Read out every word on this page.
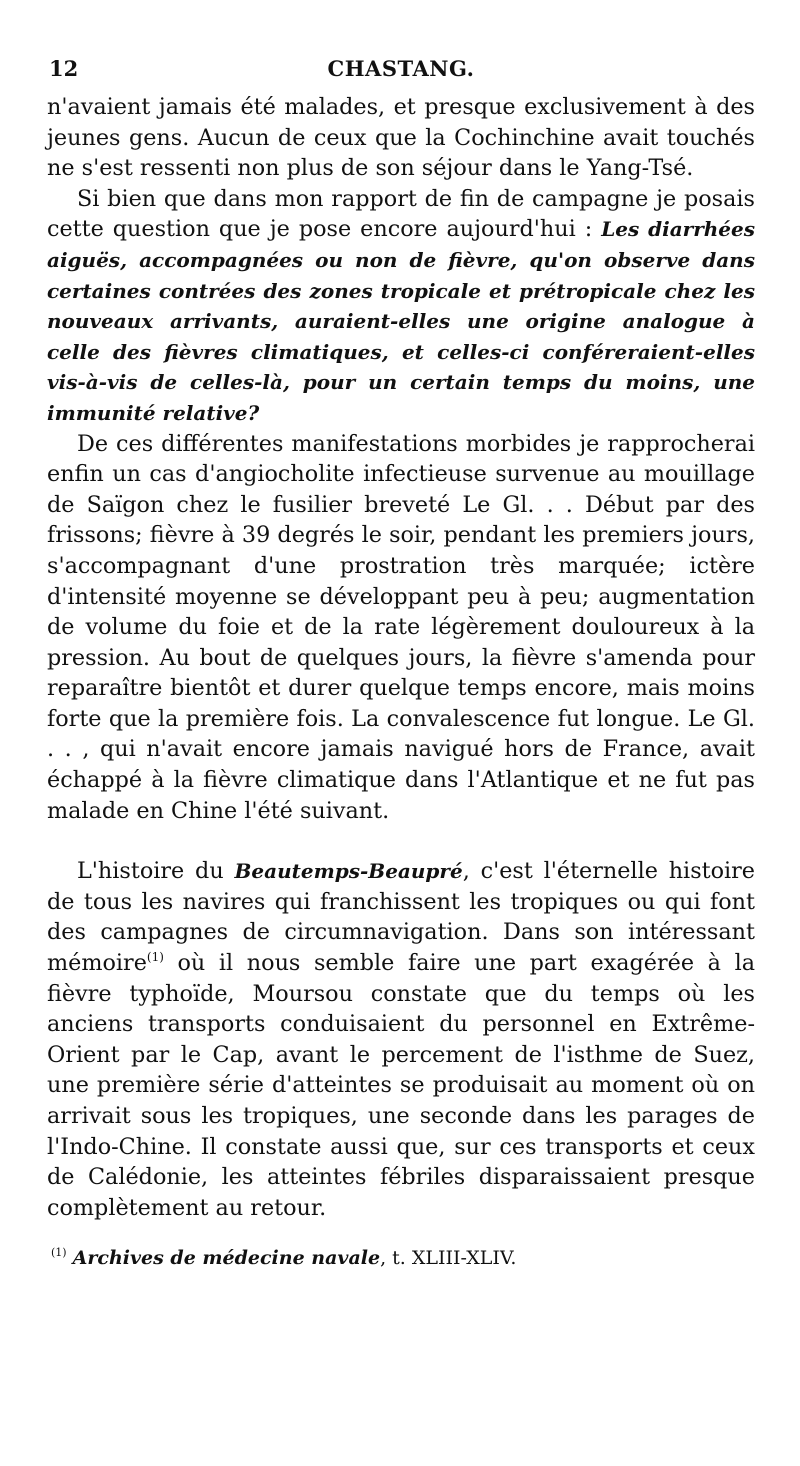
12	CHASTANG.

n'avaient jamais été malades, et presque exclusivement à des jeunes gens. Aucun de ceux que la Cochinchine avait touchés ne s'est ressenti non plus de son séjour dans le Yang-Tsé.

Si bien que dans mon rapport de fin de campagne je posais cette question que je pose encore aujourd'hui : Les diarrhées aiguës, accompagnées ou non de fièvre, qu'on observe dans certaines contrées des zones tropicale et prétropicale chez les nouveaux arrivants, auraient-elles une origine analogue à celle des fièvres climatiques, et celles-ci conféreraient-elles vis-à-vis de celles-là, pour un certain temps du moins, une immunité relative?

De ces différentes manifestations morbides je rapprocherai enfin un cas d'angiocholite infectieuse survenue au mouillage de Saïgon chez le fusilier breveté Le Gl. . . Début par des frissons; fièvre à 39 degrés le soir, pendant les premiers jours, s'accompagnant d'une prostration très marquée; ictère d'intensité moyenne se développant peu à peu; augmentation de volume du foie et de la rate légèrement douloureux à la pression. Au bout de quelques jours, la fièvre s'amenda pour reparaître bientôt et durer quelque temps encore, mais moins forte que la première fois. La convalescence fut longue. Le Gl. . . , qui n'avait encore jamais navigué hors de France, avait échappé à la fièvre climatique dans l'Atlantique et ne fut pas malade en Chine l'été suivant.

L'histoire du Beautemps-Beaupré, c'est l'éternelle histoire de tous les navires qui franchissent les tropiques ou qui font des campagnes de circumnavigation. Dans son intéressant mémoire$^{(1)}$ où il nous semble faire une part exagérée à la fièvre typhoïde, Moursou constate que du temps où les anciens transports conduisaient du personnel en Extrême-Orient par le Cap, avant le percement de l'isthme de Suez, une première série d'atteintes se produisait au moment où on arrivait sous les tropiques, une seconde dans les parages de l'Indo-Chine. Il constate aussi que, sur ces transports et ceux de Calédonie, les atteintes fébriles disparaissaient presque complètement au retour.

$^{(1)}$ Archives de médecine navale, t. XLIII-XLIV.
